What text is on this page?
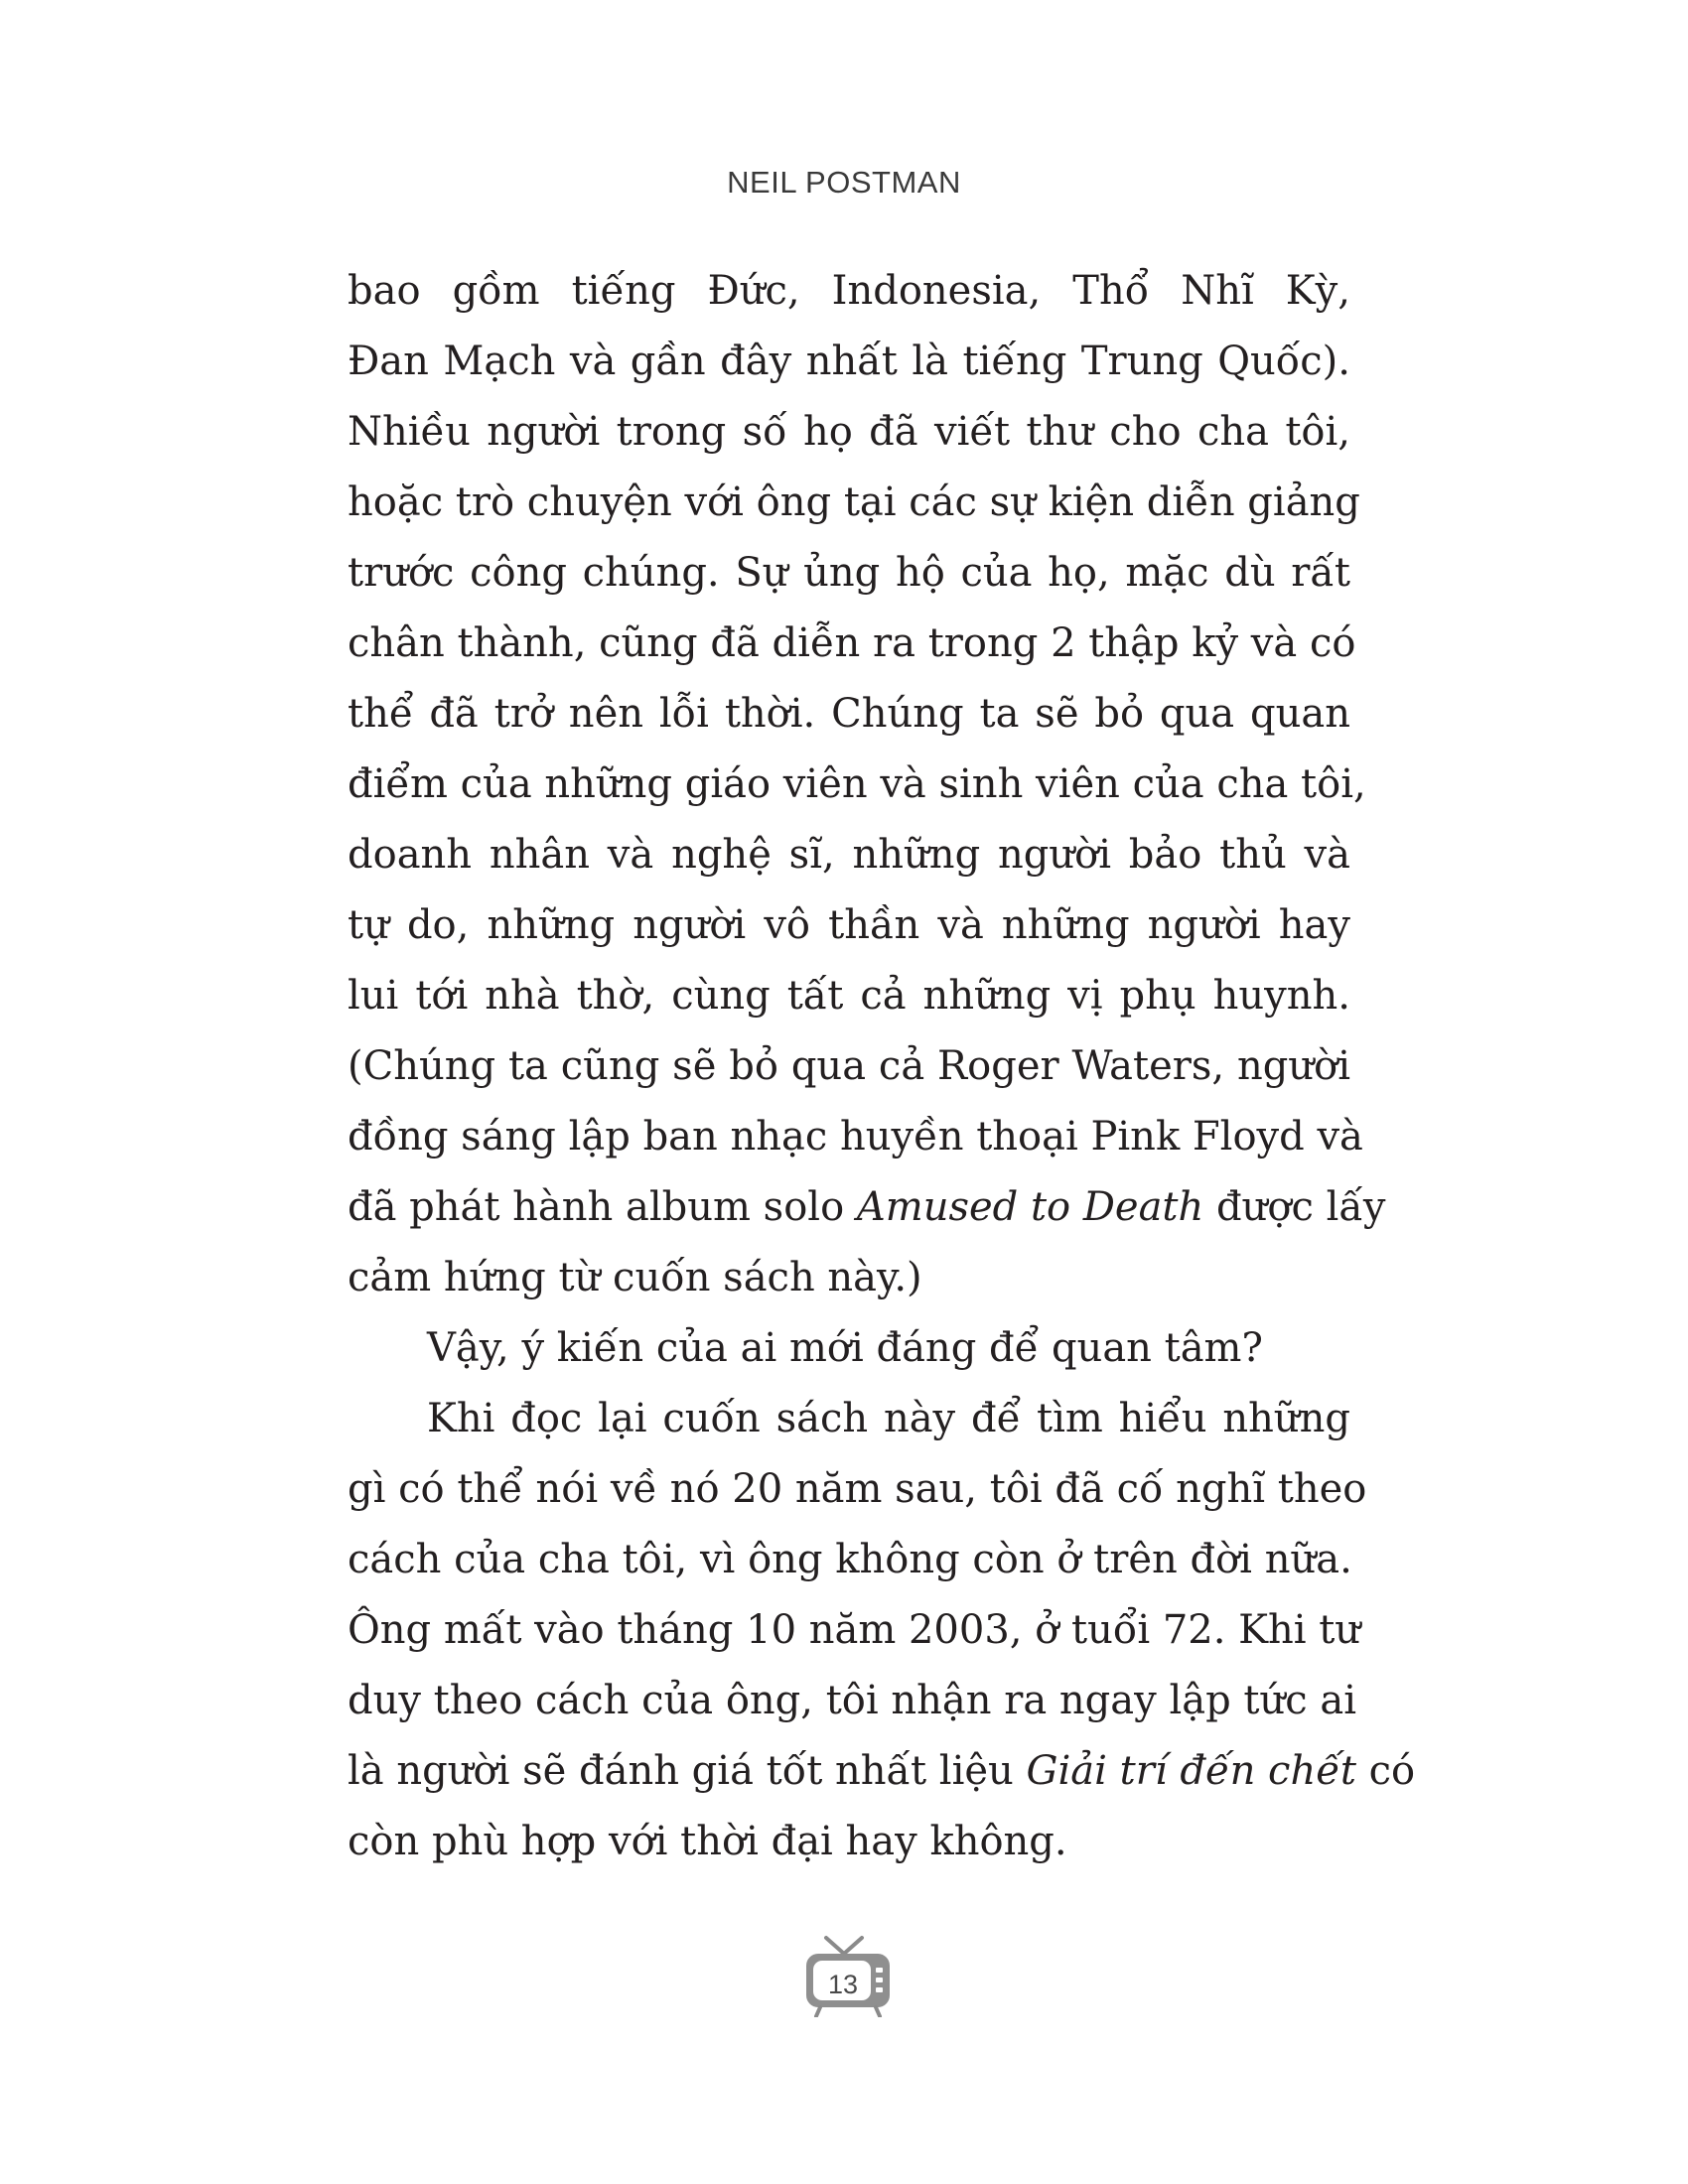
NEIL POSTMAN
bao gồm tiếng Đức, Indonesia, Thổ Nhĩ Kỳ,
Đan Mạch và gần đây nhất là tiếng Trung Quốc).
Nhiều người trong số họ đã viết thư cho cha tôi,
hoặc trò chuyện với ông tại các sự kiện diễn giảng
trước công chúng. Sự ủng hộ của họ, mặc dù rất
chân thành, cũng đã diễn ra trong 2 thập kỷ và có
thể đã trở nên lỗi thời. Chúng ta sẽ bỏ qua quan
điểm của những giáo viên và sinh viên của cha tôi,
doanh nhân và nghệ sĩ, những người bảo thủ và
tự do, những người vô thần và những người hay
lui tới nhà thờ, cùng tất cả những vị phụ huynh.
(Chúng ta cũng sẽ bỏ qua cả Roger Waters, người
đồng sáng lập ban nhạc huyền thoại Pink Floyd và
đã phát hành album solo Amused to Death được lấy
cảm hứng từ cuốn sách này.)
Vậy, ý kiến của ai mới đáng để quan tâm?
Khi đọc lại cuốn sách này để tìm hiểu những
gì có thể nói về nó 20 năm sau, tôi đã cố nghĩ theo
cách của cha tôi, vì ông không còn ở trên đời nữa.
Ông mất vào tháng 10 năm 2003, ở tuổi 72. Khi tư
duy theo cách của ông, tôi nhận ra ngay lập tức ai
là người sẽ đánh giá tốt nhất liệu Giải trí đến chết có
còn phù hợp với thời đại hay không.
13
